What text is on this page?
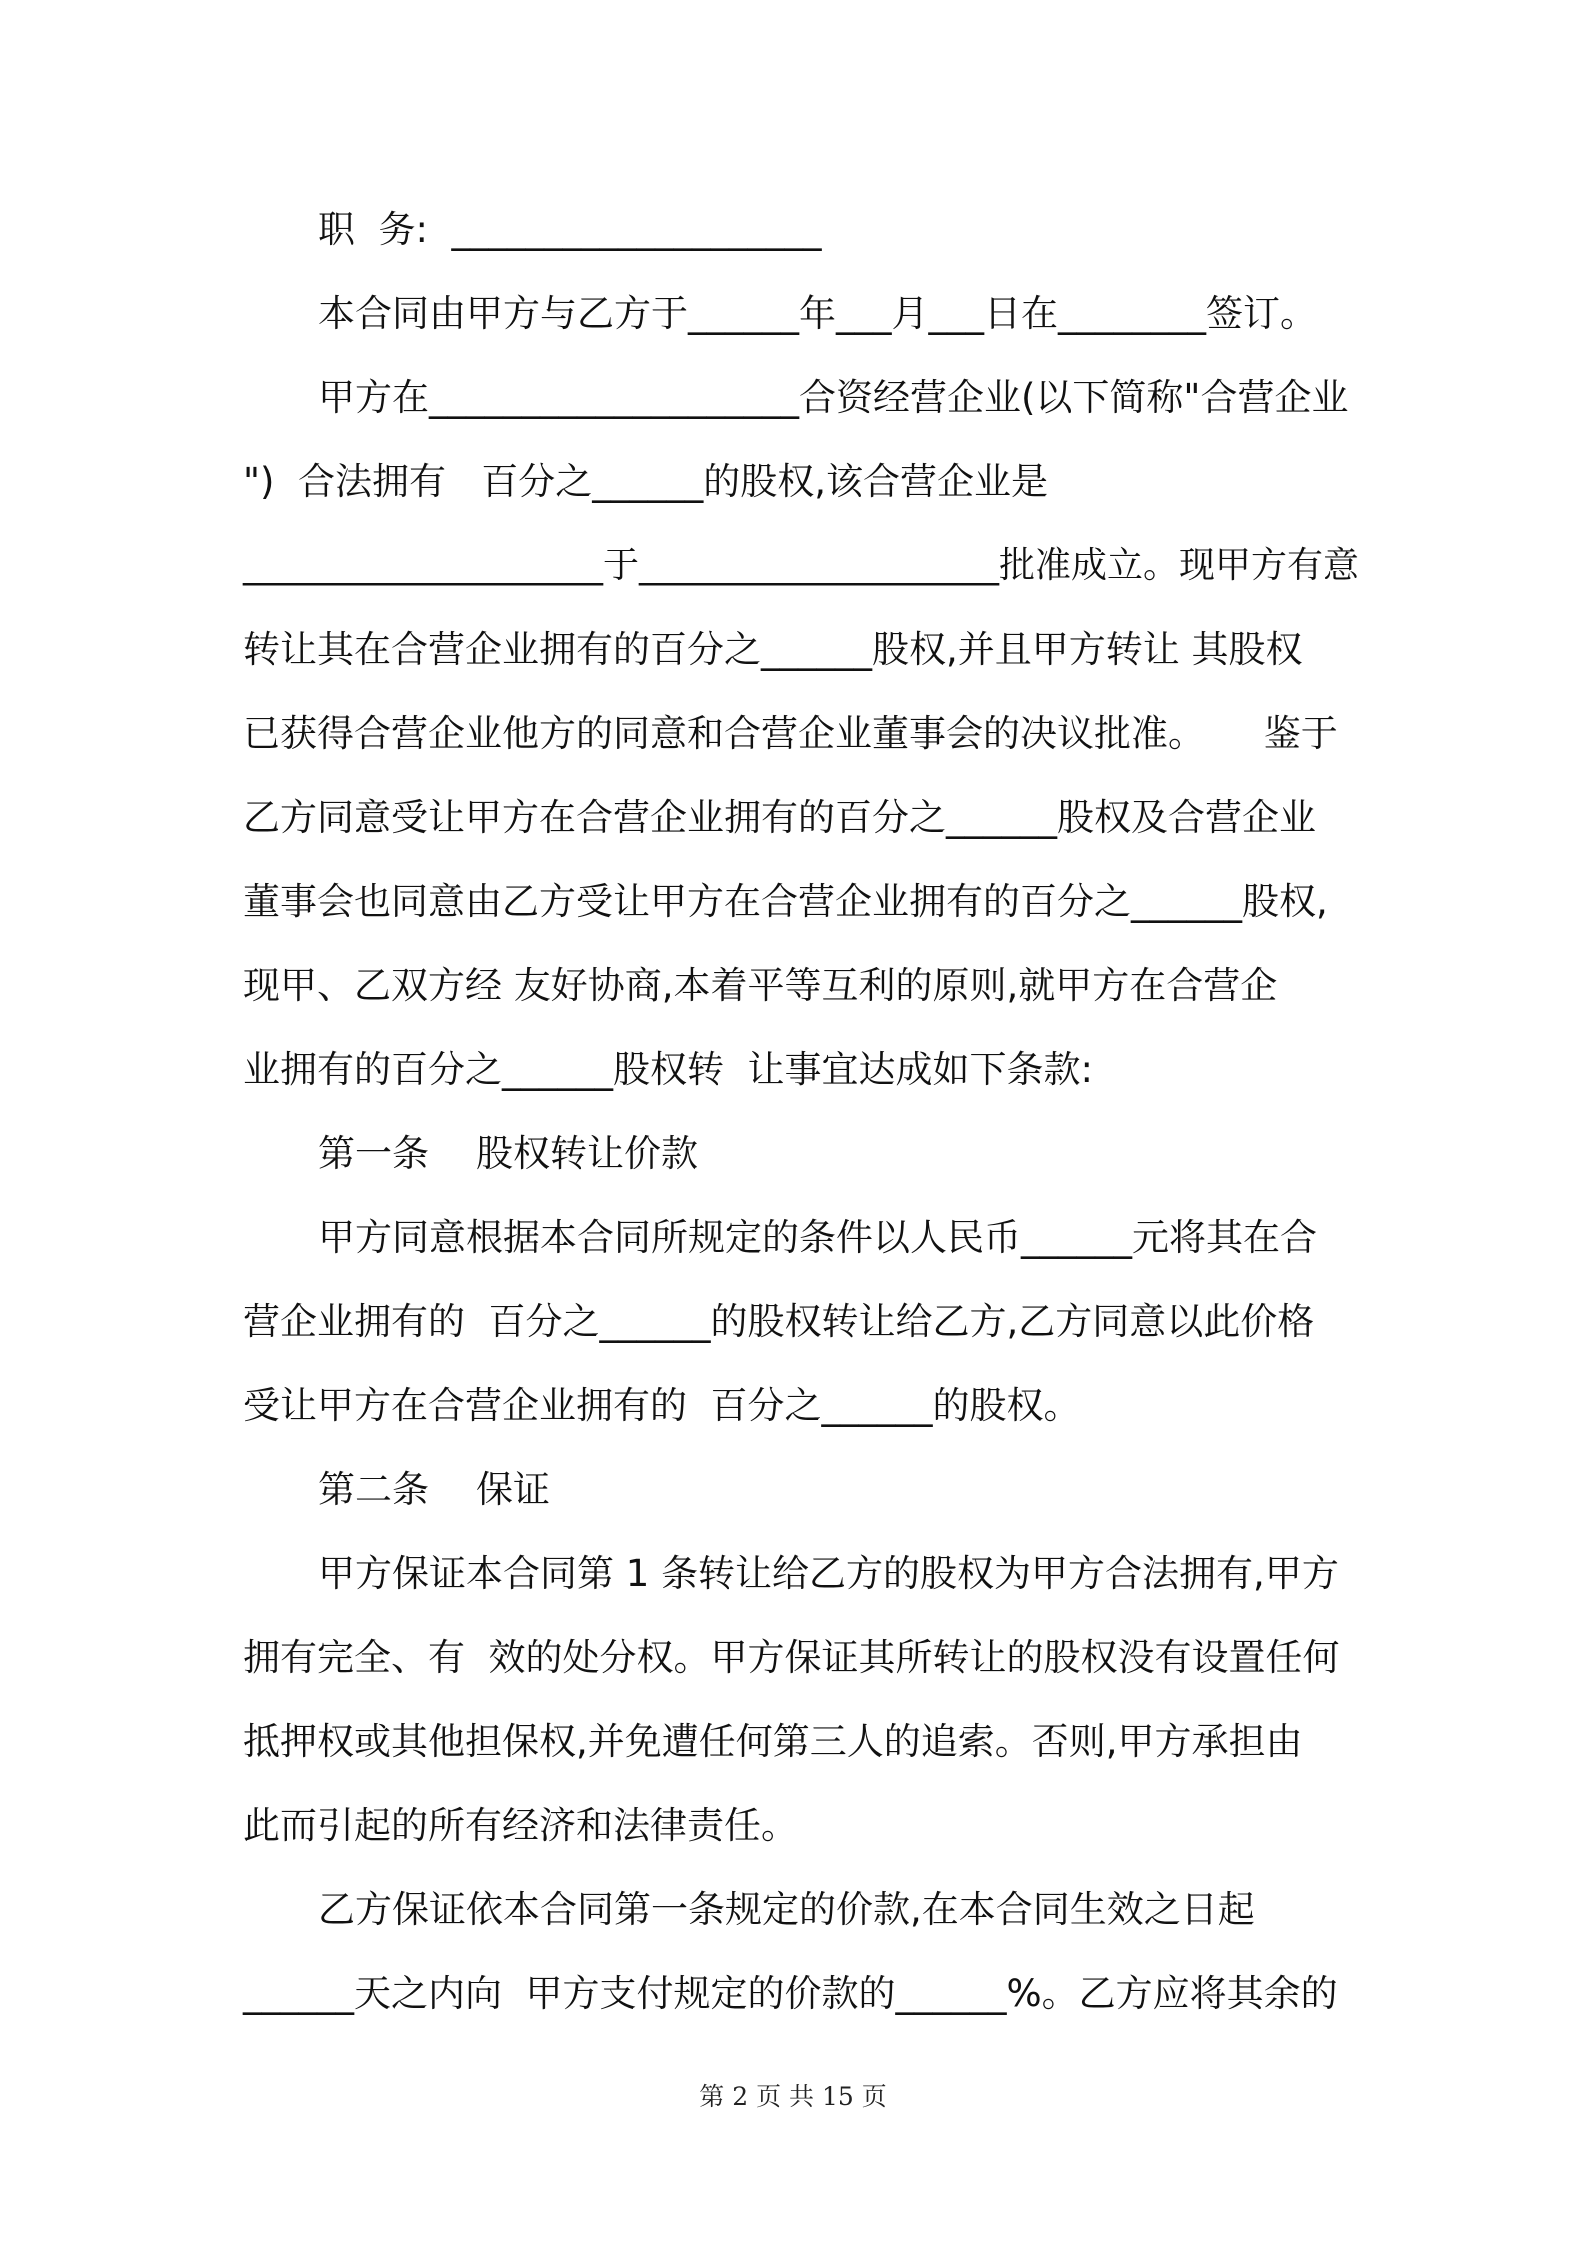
职  务:  ____________________
本合同由甲方与乙方于______年___月___日在________签订。
甲方在____________________合资经营企业(以下简称"合营企业
")  合法拥有   百分之______的股权,该合营企业是
____________________于____________________批准成立。现甲方有意
转让其在合营企业拥有的百分之______股权,并且甲方转让 其股权
已获得合营企业他方的同意和合营企业董事会的决议批准。     鉴于
乙方同意受让甲方在合营企业拥有的百分之______股权及合营企业
董事会也同意由乙方受让甲方在合营企业拥有的百分之______股权,
现甲、乙双方经 友好协商,本着平等互利的原则,就甲方在合营企
业拥有的百分之______股权转  让事宜达成如下条款:
第一条    股权转让价款
甲方同意根据本合同所规定的条件以人民币______元将其在合
营企业拥有的  百分之______的股权转让给乙方,乙方同意以此价格
受让甲方在合营企业拥有的  百分之______的股权。
第二条    保证
甲方保证本合同第 1 条转让给乙方的股权为甲方合法拥有,甲方
拥有完全、有  效的处分权。甲方保证其所转让的股权没有设置任何
抵押权或其他担保权,并免遭任何第三人的追索。否则,甲方承担由
此而引起的所有经济和法律责任。
乙方保证依本合同第一条规定的价款,在本合同生效之日起
______天之内向  甲方支付规定的价款的______%。乙方应将其余的
第 2 页 共 15 页
